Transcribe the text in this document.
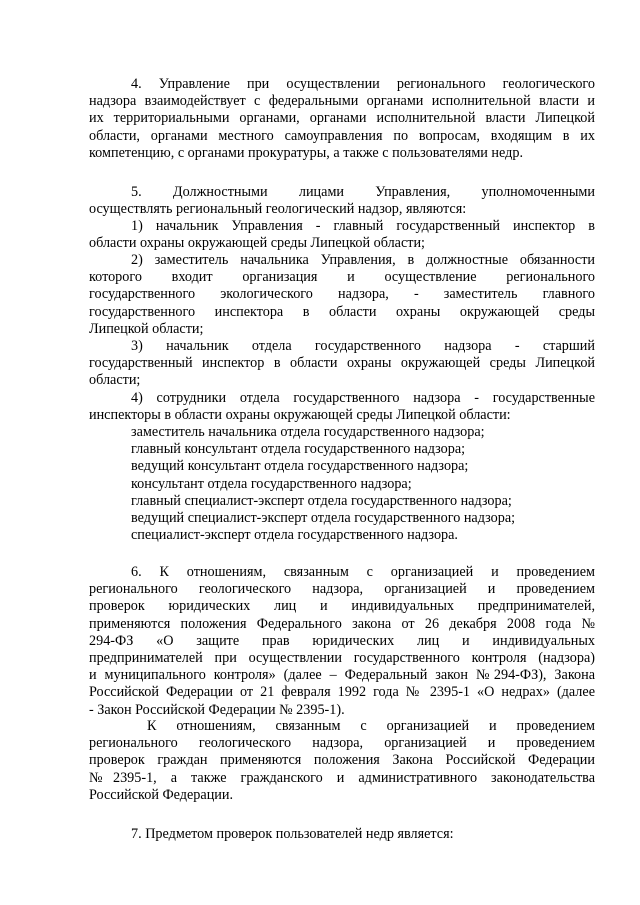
4. Управление при осуществлении регионального геологического
надзора взаимодействует с федеральными органами исполнительной власти и
их территориальными органами, органами исполнительной власти Липецкой
области, органами местного самоуправления по вопросам, входящим в их
компетенцию, с органами прокуратуры, а также с пользователями недр.
5. Должностными лицами Управления, уполномоченными
осуществлять региональный геологический надзор, являются:
1) начальник Управления - главный государственный инспектор в
области охраны окружающей среды Липецкой области;
2) заместитель начальника Управления, в должностные обязанности
которого входит организация и осуществление регионального
государственного экологического надзора, - заместитель главного
государственного инспектора в области охраны окружающей среды
Липецкой области;
3) начальник отдела государственного надзора - старший
государственный инспектор в области охраны окружающей среды Липецкой
области;
4) сотрудники отдела государственного надзора - государственные
инспекторы в области охраны окружающей среды Липецкой области:
заместитель начальника отдела государственного надзора;
главный консультант отдела государственного надзора;
ведущий консультант отдела государственного надзора;
консультант отдела государственного надзора;
главный специалист-эксперт отдела государственного надзора;
ведущий специалист-эксперт отдела государственного надзора;
специалист-эксперт отдела государственного надзора.
6. К отношениям, связанным с организацией и проведением
регионального геологического надзора, организацией и проведением
проверок юридических лиц и индивидуальных предпринимателей,
применяются положения Федерального закона от 26 декабря 2008 года №
294-ФЗ «О защите прав юридических лиц и индивидуальных
предпринимателей при осуществлении государственного контроля (надзора)
и муниципального контроля» (далее – Федеральный закон №294-ФЗ), Закона
Российской Федерации от 21 февраля 1992 года № 2395-1 «О недрах» (далее
- Закон Российской Федерации № 2395-1).
К отношениям, связанным с организацией и проведением
регионального геологического надзора, организацией и проведением
проверок граждан применяются положения Закона Российской Федерации
№2395-1, а также гражданского и административного законодательства
Российской Федерации.
7. Предметом проверок пользователей недр является:
